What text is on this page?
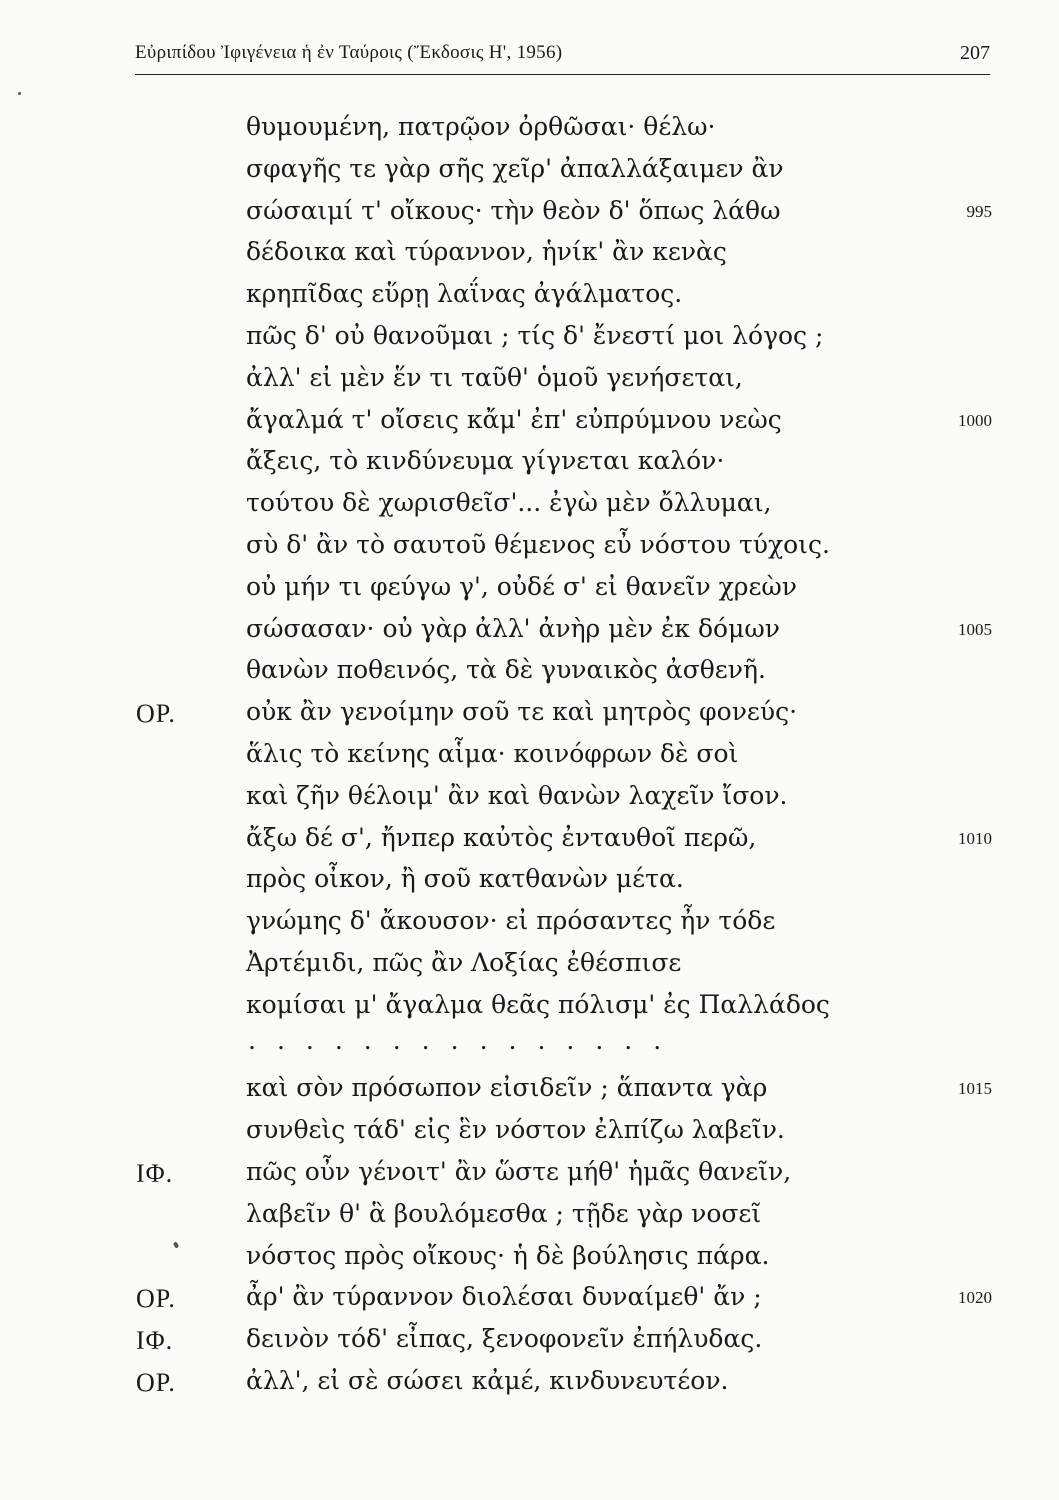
Εὐριπίδου Ἰφιγένεια ἡ ἐν Ταύροις (Ἔκδοσις Η', 1956)	207
θυμουμένη, πατρῷον ὀρθῶσαι· θέλω·
σφαγῆς τε γὰρ σῆς χεῖρ' ἀπαλλάξαιμεν ἂν
σώσαιμί τ' οἴκους· τὴν θεὸν δ' ὅπως λάθω	995
δέδοικα καὶ τύραννον, ἡνίκ' ἂν κενὰς
κρηπῖδας εὕρῃ λαΐνας ἀγάλματος.
πῶς δ' οὐ θανοῦμαι ; τίς δ' ἔνεστί μοι λόγος ;
ἀλλ' εἰ μὲν ἕν τι ταῦθ' ὁμοῦ γενήσεται,
ἄγαλμά τ' οἴσεις κἄμ' ἐπ' εὐπρύμνου νεὼς	1000
ἄξεις, τὸ κινδύνευμα γίγνεται καλόν·
τούτου δὲ χωρισθεῖσ'... ἐγὼ μὲν ὄλλυμαι,
σὺ δ' ἂν τὸ σαυτοῦ θέμενος εὖ νόστου τύχοις.
οὐ μήν τι φεύγω γ', οὐδέ σ' εἰ θανεῖν χρεὼν
σώσασαν· οὐ γὰρ ἀλλ' ἀνὴρ μὲν ἐκ δόμων	1005
θανὼν ποθεινός, τὰ δὲ γυναικὸς ἀσθενῆ.
ΟΡ.	οὐκ ἂν γενοίμην σοῦ τε καὶ μητρὸς φονεύς·
ἅλις τὸ κείνης αἷμα· κοινόφρων δὲ σοὶ
καὶ ζῆν θέλοιμ' ἂν καὶ θανὼν λαχεῖν ἴσον.
ἄξω δέ σ', ἤνπερ καὐτὸς ἐνταυθοῖ περῶ,	1010
πρὸς οἶκον, ἢ σοῦ κατθανὼν μέτα.
γνώμης δ' ἄκουσον· εἰ πρόσαντες ἦν τόδε
Ἀρτέμιδι, πῶς ἂν Λοξίας ἐθέσπισε
κομίσαι μ' ἄγαλμα θεᾶς πόλισμ' ἐς Παλλάδος
...............
καὶ σὸν πρόσωπον εἰσιδεῖν ; ἅπαντα γὰρ	1015
συνθεὶς τάδ' εἰς ἓν νόστον ἐλπίζω λαβεῖν.
ΙΦ.	πῶς οὖν γένοιτ' ἂν ὥστε μήθ' ἡμᾶς θανεῖν,
λαβεῖν θ' ἃ βουλόμεσθα ; τῇδε γὰρ νοσεῖ
νόστος πρὸς οἴκους· ἡ δὲ βούλησις πάρα.
ΟΡ.	ἆρ' ἂν τύραννον διολέσαι δυναίμεθ' ἄν ;	1020
ΙΦ.	δεινὸν τόδ' εἶπας, ξενοφονεῖν ἐπήλυδας.
ΟΡ.	ἀλλ', εἰ σὲ σώσει κἀμέ, κινδυνευτέον.
